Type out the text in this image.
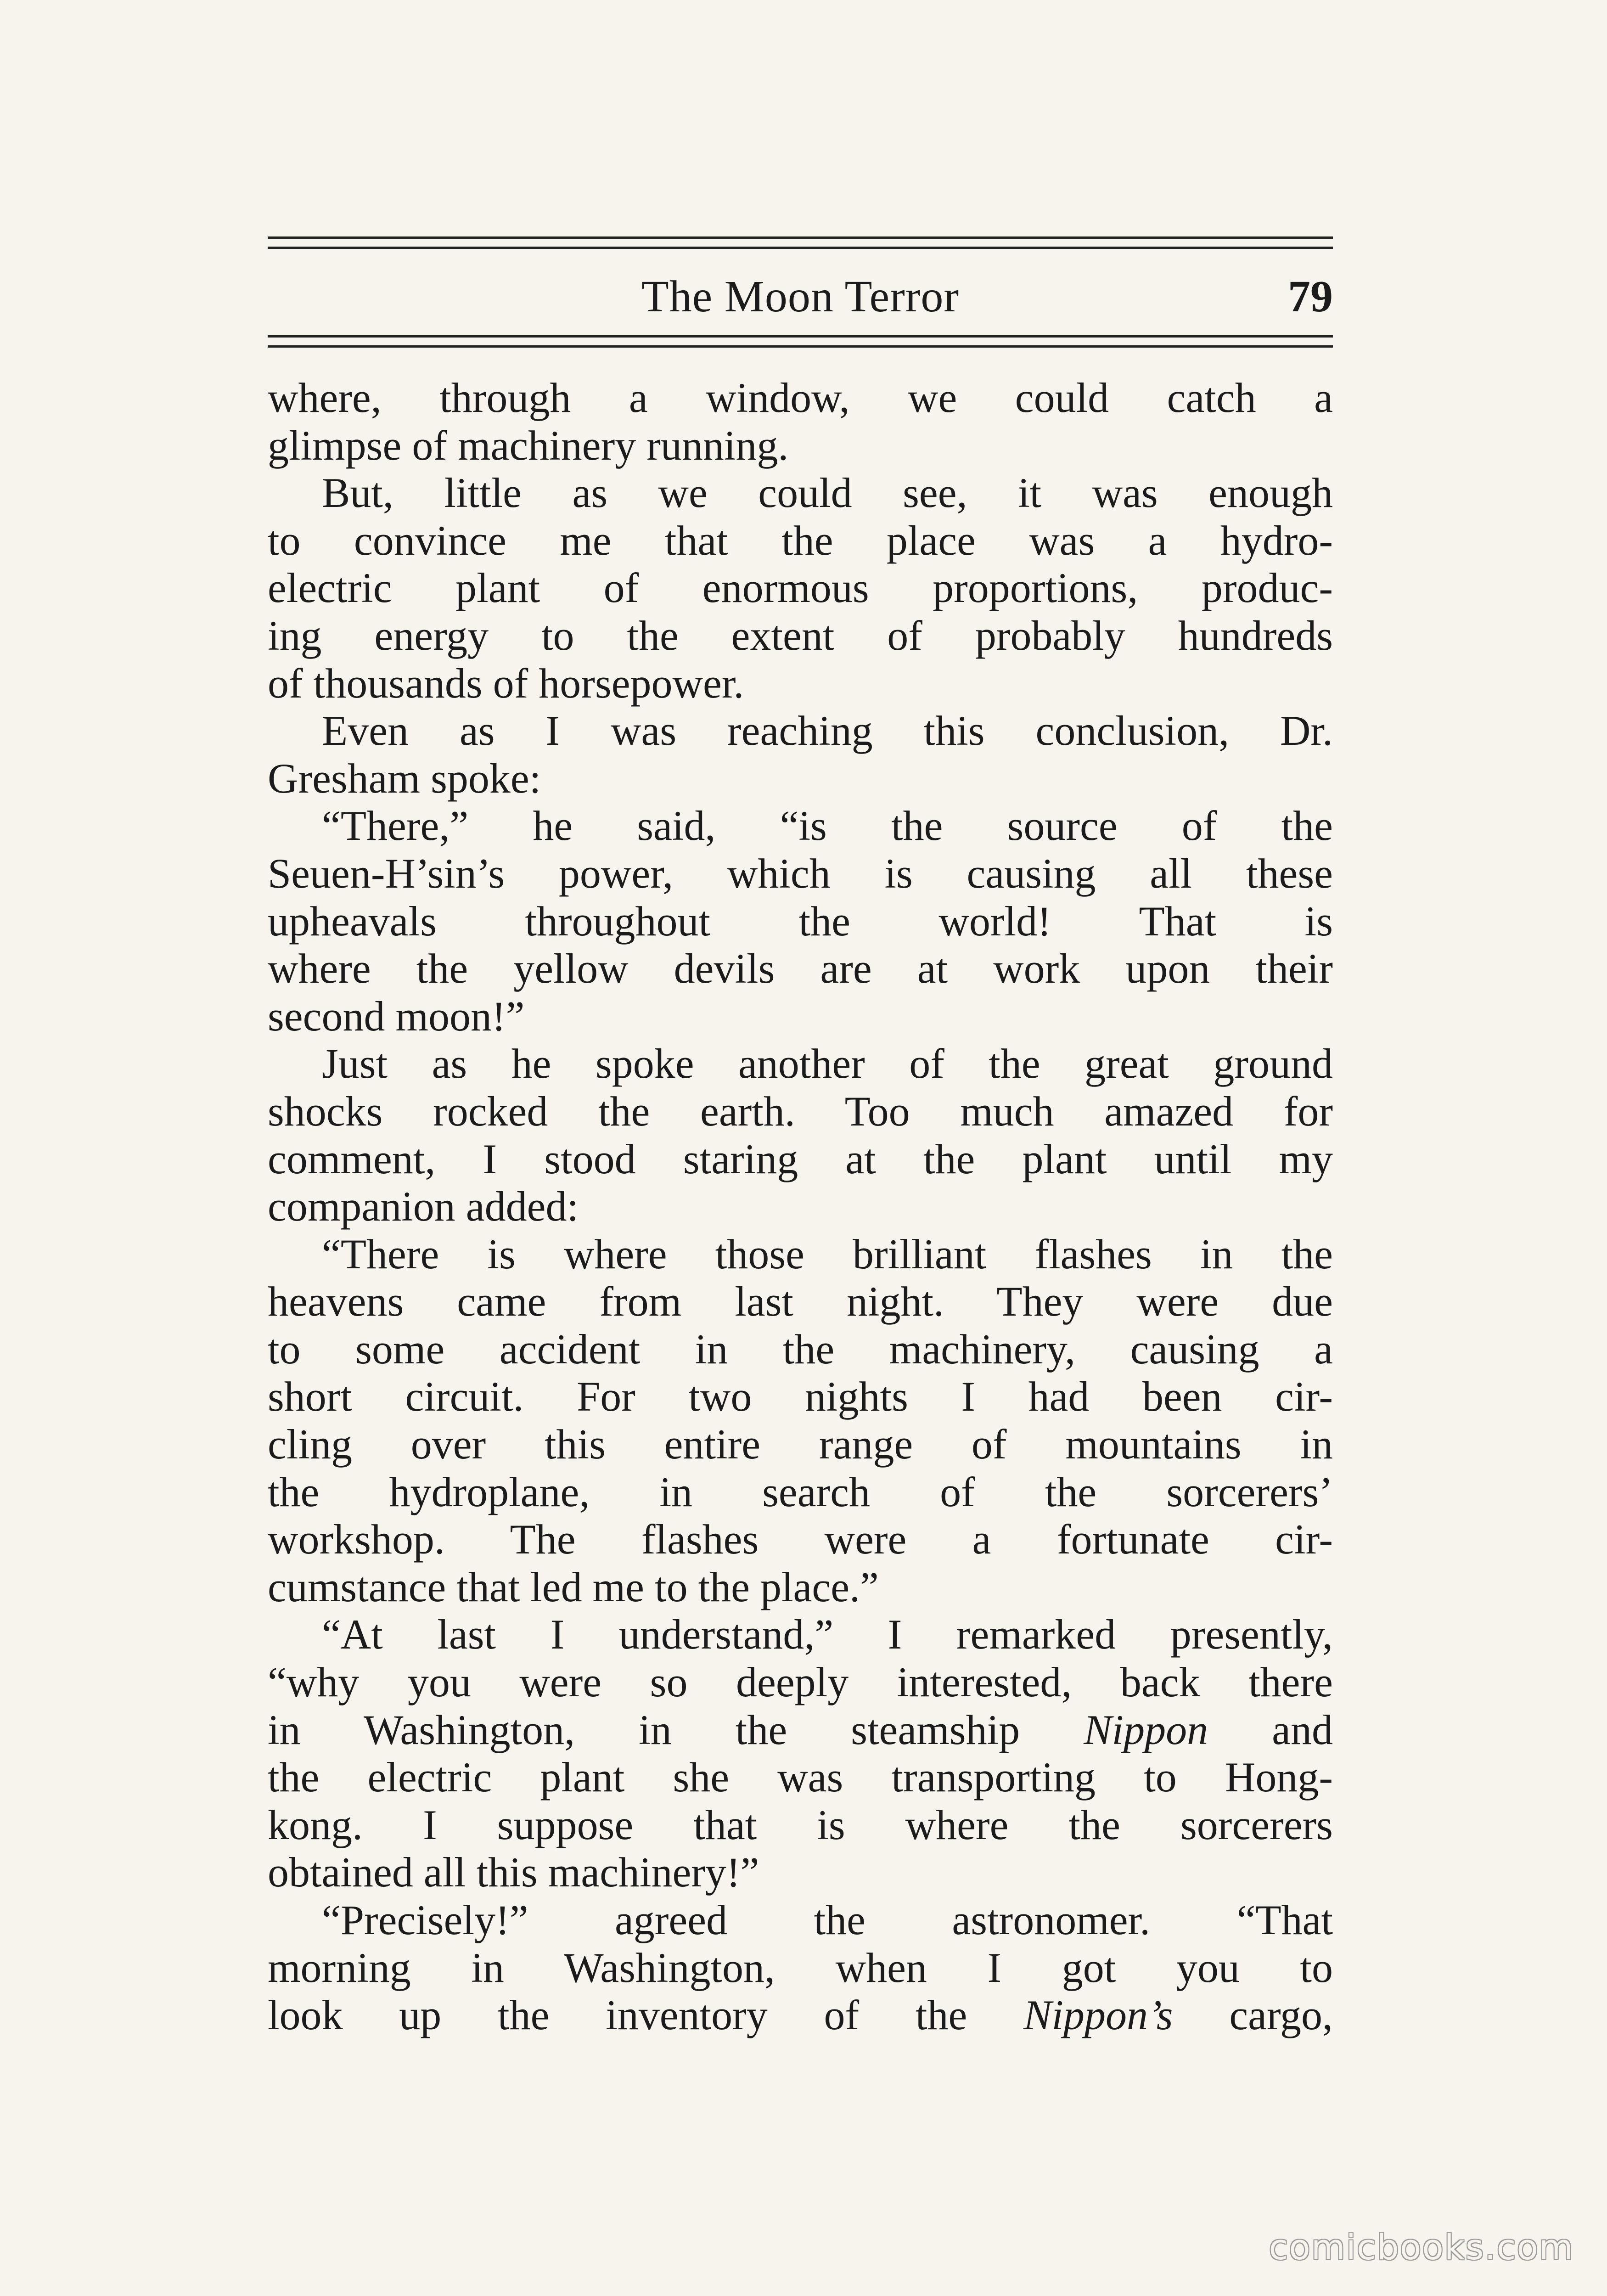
The Moon Terror	79
where, through a window, we could catch a
glimpse of machinery running.
But, little as we could see, it was enough
to convince me that the place was a hydro-
electric plant of enormous proportions, produc-
ing energy to the extent of probably hundreds
of thousands of horsepower.
Even as I was reaching this conclusion, Dr.
Gresham spoke:
“There,” he said, “is the source of the
Seuen-H’sin’s power, which is causing all these
upheavals throughout the world! That is
where the yellow devils are at work upon their
second moon!”
Just as he spoke another of the great ground
shocks rocked the earth. Too much amazed for
comment, I stood staring at the plant until my
companion added:
“There is where those brilliant flashes in the
heavens came from last night. They were due
to some accident in the machinery, causing a
short circuit. For two nights I had been cir-
cling over this entire range of mountains in
the hydroplane, in search of the sorcerers’
workshop. The flashes were a fortunate cir-
cumstance that led me to the place.”
“At last I understand,” I remarked presently,
“why you were so deeply interested, back there
in Washington, in the steamship Nippon and
the electric plant she was transporting to Hong-
kong. I suppose that is where the sorcerers
obtained all this machinery!”
“Precisely!” agreed the astronomer. “That
morning in Washington, when I got you to
look up the inventory of the Nippon’s cargo,
comicbooks.com
